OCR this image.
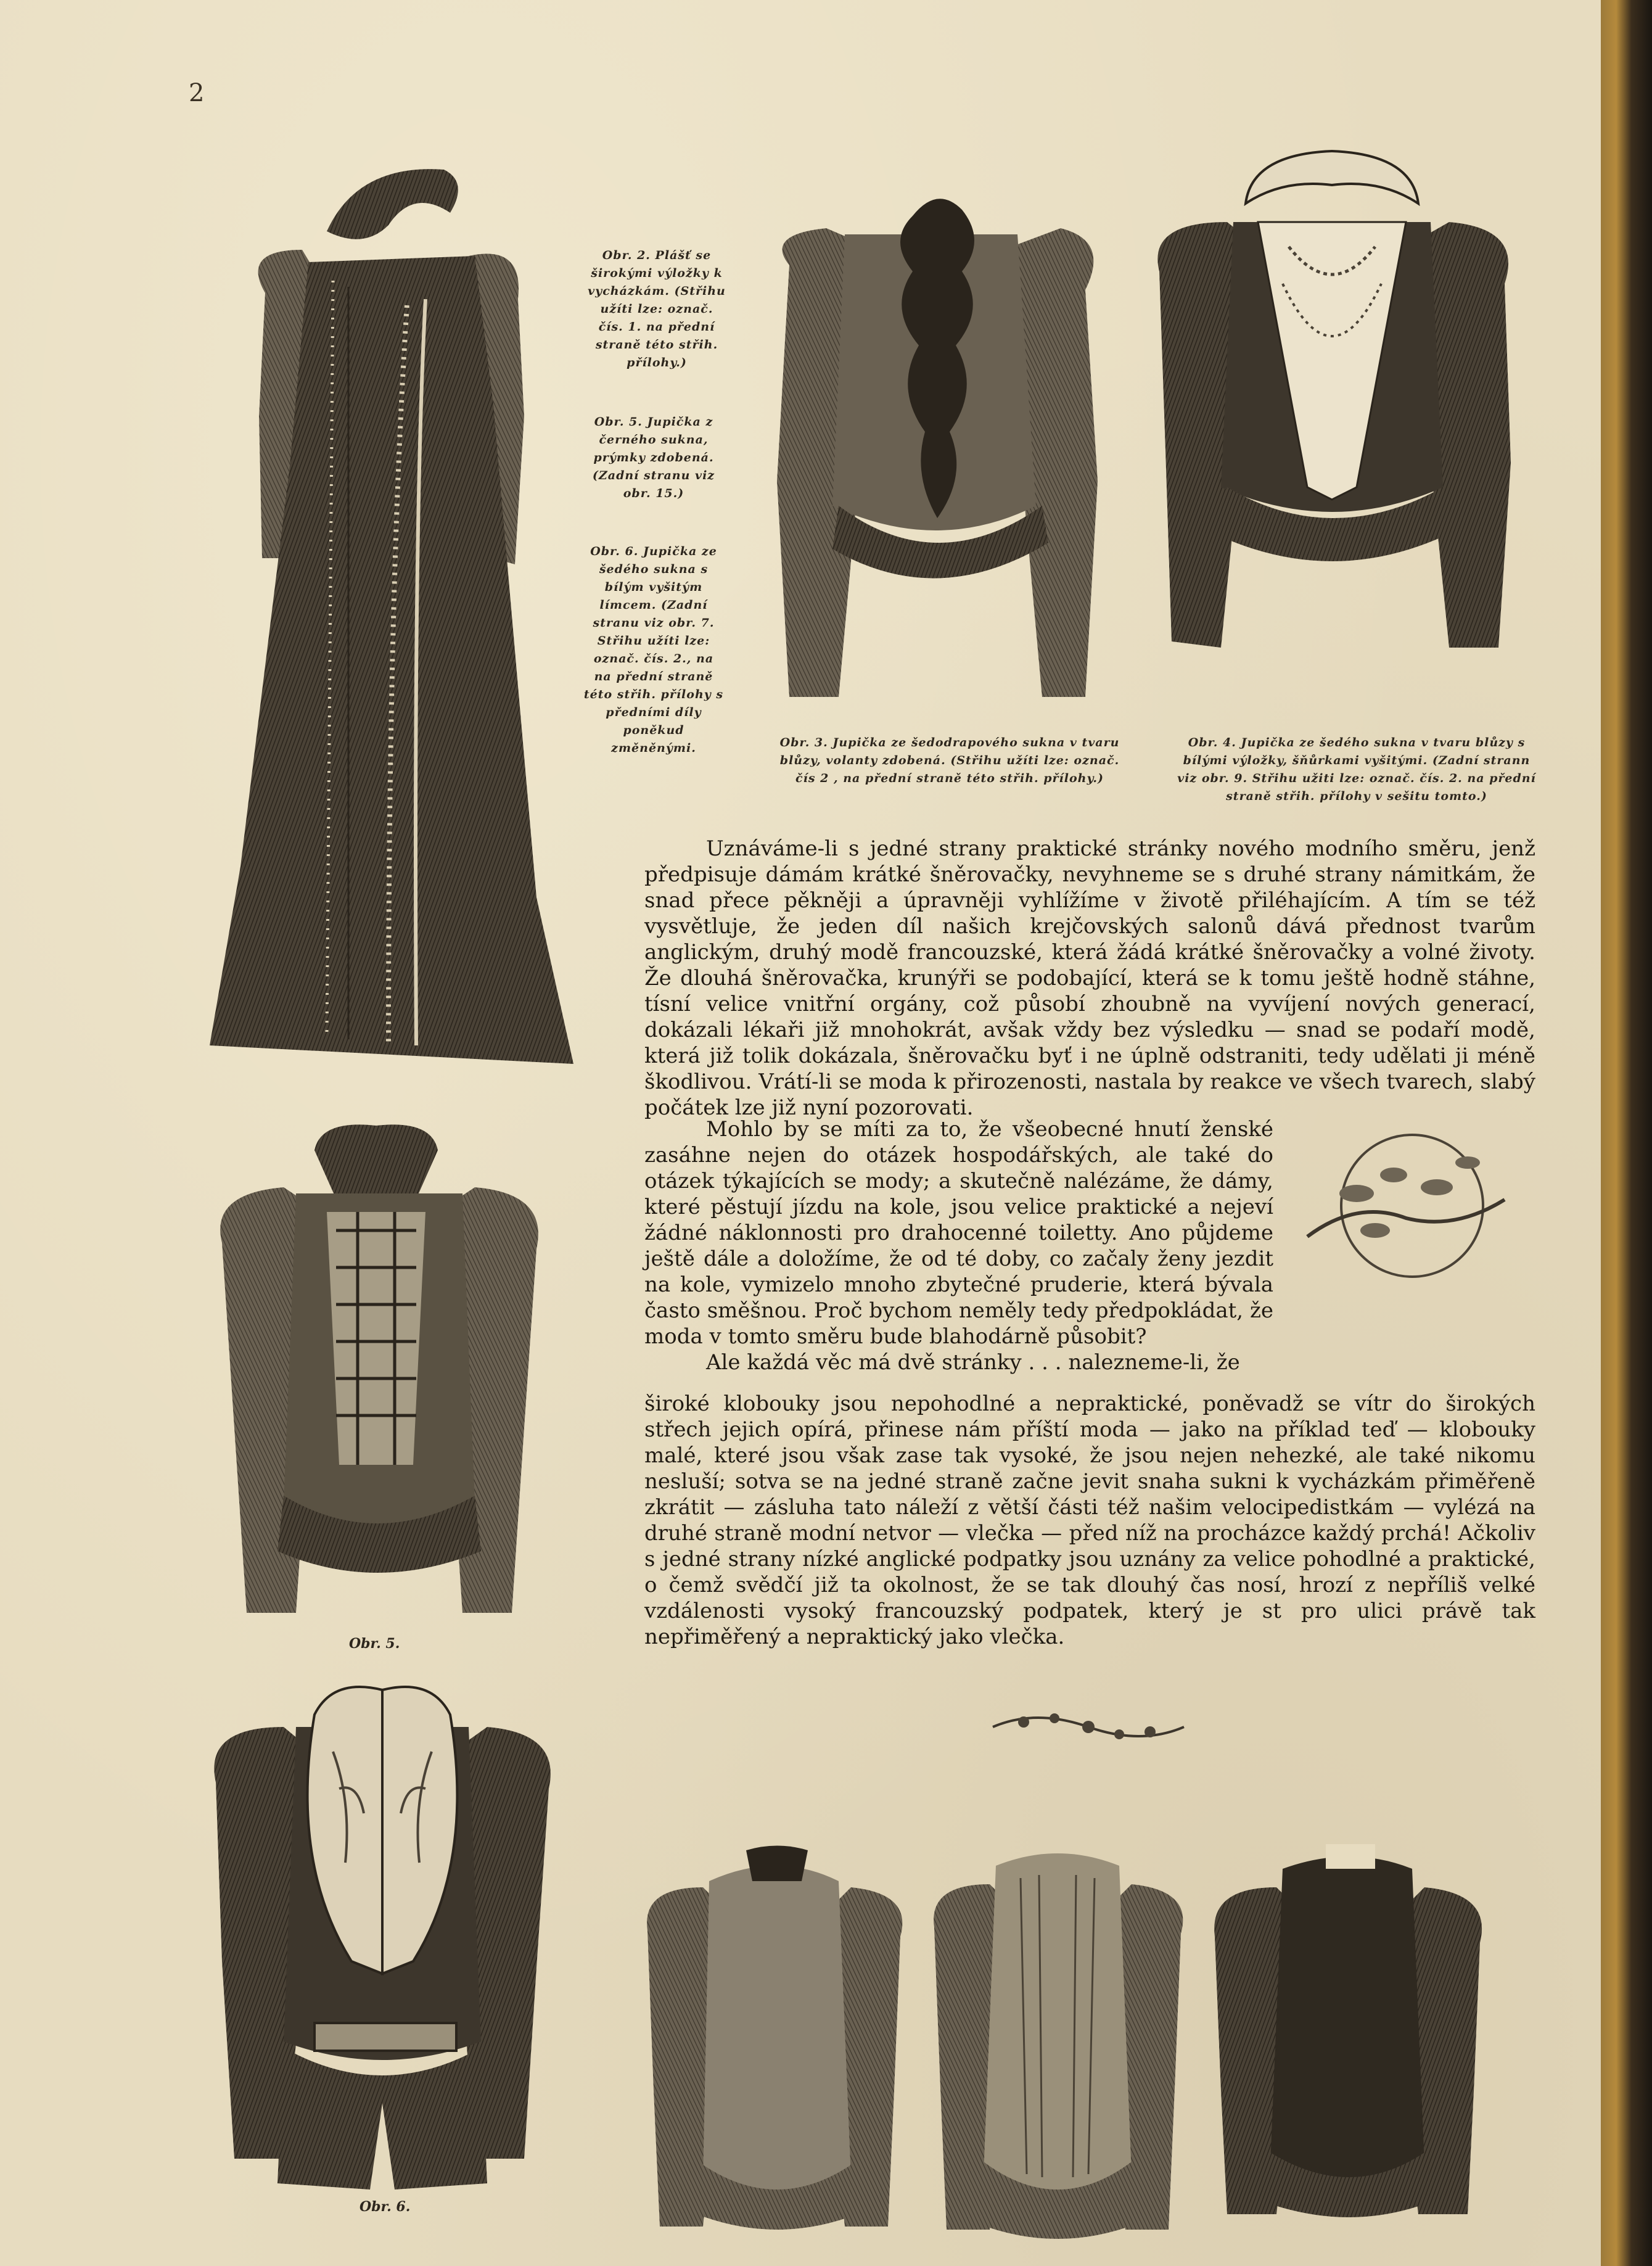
2
Obr. 2. Plášť se širokými výložky k vycházkám. (Střihu užíti lze: označ. čís. 1. na přední straně této střih. přílohy.)
Obr. 5. Jupička z černého sukna, prýmky zdobená. (Zadní stranu viz obr. 15.)
Obr. 6. Jupička ze šedého sukna s bílým vyšitým límcem. (Zadní stranu viz obr. 7. Střihu užíti lze: označ. čís. 2., na na přední straně této střih. přílohy s předními díly poněkud změněnými.	Obr. 3. Jupička ze šedodrapového sukna v tvaru blůzy, volanty zdobená. (Střihu užíti lze: označ. čís 2 , na přední straně této střih. přílohy.)
Obr. 4. Jupička ze šedého sukna v tvaru blůzy s bílými výložky, šňůrkami vyšitými. (Zadní strann viz obr. 9. Střihu užiti lze: označ. čís. 2. na přední straně střih. přílohy v sešitu tomto.)

Uznáváme-li s jedné strany praktické stránky nového modního směru, jenž předpisuje dámám krátké šněrovačky, nevyhneme se s druhé strany námitkám, že snad přece pěkněji a úpravněji vyhlížíme v životě přiléhajícím. A tím se též vysvětluje, že jeden díl našich krejčovských salonů dává přednost tvarům anglickým, druhý modě francouzské, která žádá krátké šněrovačky a volné životy. Že dlouhá šněrovačka, krunýři se podobající, která se k tomu ještě hodně stáhne, tísní velice vnitřní orgány, což působí zhoubně na vyvíjení nových generací, dokázali lékaři již mnohokrát, avšak vždy bez výsledku — snad se podaří modě, která již tolik dokázala, šněrovačku byť i ne úplně odstraniti, tedy udělati ji méně škodlivou. Vrátí-li se moda k přirozenosti, nastala by reakce ve všech tvarech, slabý počátek lze již nyní pozorovati.

Obr. 5.

Mohlo by se míti za to, že všeobecné hnutí ženské zasáhne nejen do otázek hospodářských, ale také do otázek týkajících se mody; a skutečně nalézáme, že dámy, které pěstují jízdu na kole, jsou velice praktické a nejeví žádné náklonnosti pro drahocenné toiletty. Ano půjdeme ještě dále a doložíme, že od té doby, co začaly ženy jezdit na kole, vymizelo mnoho zbytečné pruderie, která bývala často směšnou. Proč bychom neměly tedy předpokládat, že moda v tomto směru bude blahodárně působit?

Ale každá věc má dvě stránky . . . nalezneme-li, že

široké klobouky jsou nepohodlné a nepraktické, poněvadž se vítr do širokých střech jejich opírá, přinese nám příští moda — jako na příklad teď — klobouky malé, které jsou však zase tak vysoké, že jsou nejen nehezké, ale také nikomu nesluší; sotva se na jedné straně začne jevit snaha sukni k vycházkám přiměřeně zkrátit — zásluha tato náleží z větší části též našim velocipedistkám — vylézá na druhé straně modní netvor — vlečka — před níž na procházce každý prchá! Ačkoliv s jedné strany nízké anglické podpatky jsou uznány za velice pohodlné a praktické, o čemž svědčí již ta okolnost, že se tak dlouhý čas nosí, hrozí z nepříliš velké vzdálenosti vysoký francouzský podpatek, který je st pro ulici právě tak nepřiměřený a nepraktický jako vlečka.

Obr. 6.
